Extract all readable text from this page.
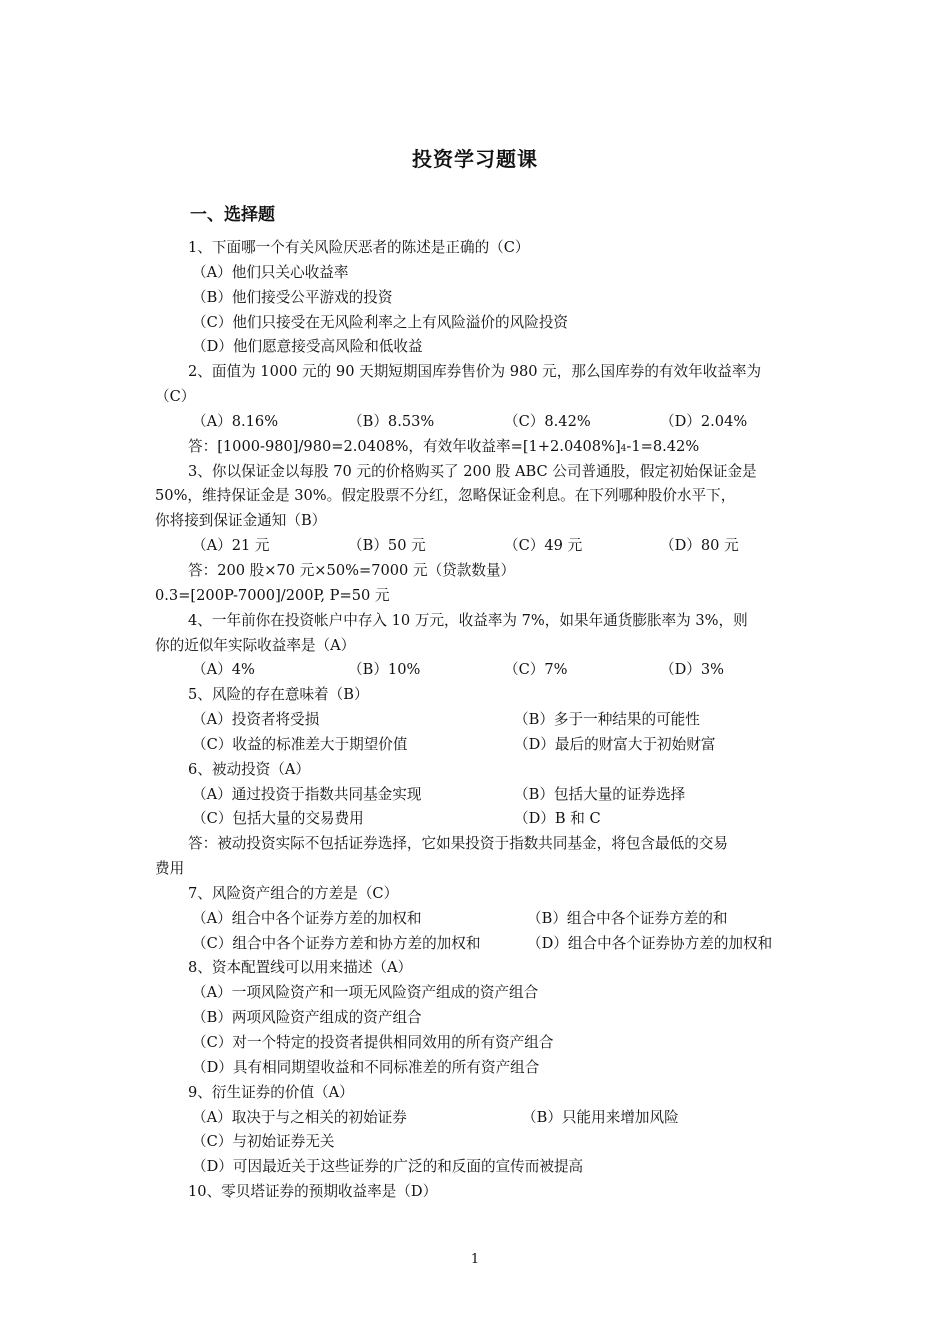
投资学习题课
一、选择题
1、下面哪一个有关风险厌恶者的陈述是正确的（C）
（A）他们只关心收益率
（B）他们接受公平游戏的投资
（C）他们只接受在无风险利率之上有风险溢价的风险投资
（D）他们愿意接受高风险和低收益
2、面值为 1000 元的 90 天期短期国库券售价为 980 元，那么国库券的有效年收益率为
（C）
（A）8.16%	（B）8.53%	（C）8.42%	（D）2.04%
答：[1000-980]/980=2.0408%，有效年收益率=[1+2.0408%]4-1=8.42%
3、你以保证金以每股 70 元的价格购买了 200 股 ABC 公司普通股，假定初始保证金是
50%，维持保证金是 30%。假定股票不分红，忽略保证金利息。在下列哪种股价水平下，
你将接到保证金通知（B）
（A）21 元	（B）50 元	（C）49 元	（D）80 元
答：200 股×70 元×50%=7000 元（贷款数量）
0.3=[200P-7000]/200P, P=50 元
4、一年前你在投资帐户中存入 10 万元，收益率为 7%，如果年通货膨胀率为 3%，则
你的近似年实际收益率是（A）
（A）4%	（B）10%	（C）7%	（D）3%
5、风险的存在意味着（B）
（A）投资者将受损	（B）多于一种结果的可能性
（C）收益的标准差大于期望价值	（D）最后的财富大于初始财富
6、被动投资（A）
（A）通过投资于指数共同基金实现	（B）包括大量的证券选择
（C）包括大量的交易费用	（D）B 和 C
答：被动投资实际不包括证券选择，它如果投资于指数共同基金，将包含最低的交易
费用
7、风险资产组合的方差是（C）
（A）组合中各个证券方差的加权和	（B）组合中各个证券方差的和
（C）组合中各个证券方差和协方差的加权和	（D）组合中各个证券协方差的加权和
8、资本配置线可以用来描述（A）
（A）一项风险资产和一项无风险资产组成的资产组合
（B）两项风险资产组成的资产组合
（C）对一个特定的投资者提供相同效用的所有资产组合
（D）具有相同期望收益和不同标准差的所有资产组合
9、衍生证券的价值（A）
（A）取决于与之相关的初始证券	（B）只能用来增加风险
（C）与初始证券无关
（D）可因最近关于这些证券的广泛的和反面的宣传而被提高
10、零贝塔证券的预期收益率是（D）
1
